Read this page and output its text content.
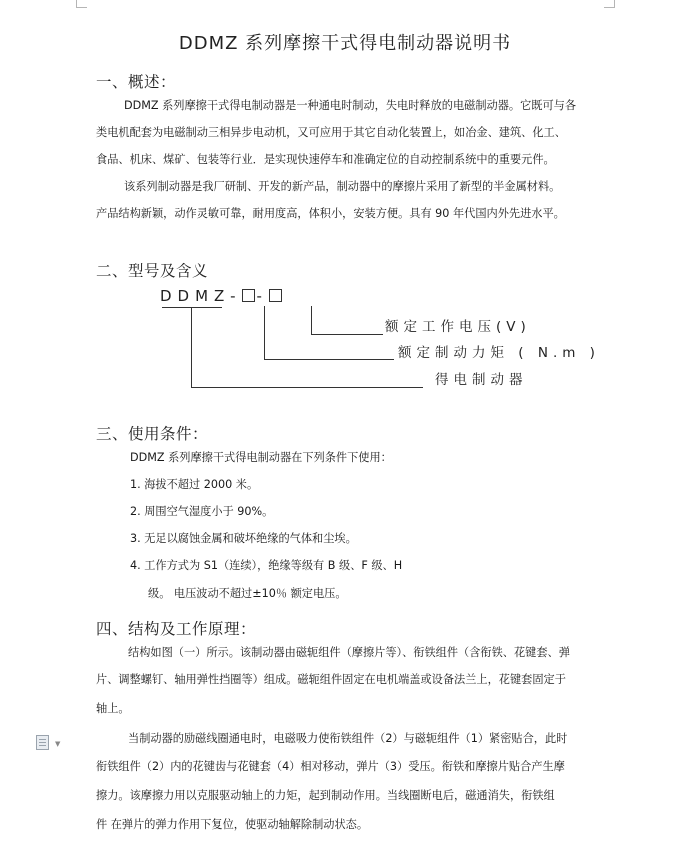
DDMZ 系列摩擦干式得电制动器说明书
一、概述：
DDMZ 系列摩擦干式得电制动器是一种通电时制动，失电时释放的电磁制动器。它既可与各
类电机配套为电磁制动三相异步电动机，又可应用于其它自动化装置上，如冶金、建筑、化工、
食品、机床、煤矿、包装等行业．是实现快速停车和准确定位的自动控制系统中的重要元件。
该系列制动器是我厂研制、开发的新产品，制动器中的摩擦片采用了新型的半金属材料。
产品结构新颖，动作灵敏可靠，耐用度高，体积小，安装方便。具有 90 年代国内外先进水平。
二、型号及含义
DDMZ- -
额定工作电压(V)
额定制动力矩 ( N.m )
得电制动器
三、使用条件：
DDMZ 系列摩擦干式得电制动器在下列条件下使用：
1. 海拔不超过 2000 米。
2. 周围空气湿度小于 90%。
3. 无足以腐蚀金属和破坏绝缘的气体和尘埃。
4. 工作方式为 S1（连续），绝缘等级有 B 级、F 级、H
级。 电压波动不超过±10％ 额定电压。
四、结构及工作原理：
结构如图（一）所示。该制动器由磁轭组件（摩擦片等）、衔铁组件（含衔铁、花键套、弹
片、调整螺钉、轴用弹性挡圈等）组成。磁轭组件固定在电机端盖或设备法兰上，花键套固定于
轴上。
当制动器的励磁线圈通电时，电磁吸力使衔铁组件（2）与磁轭组件（1）紧密贴合，此时
衔铁组件（2）内的花键齿与花键套（4）相对移动，弹片（3）受压。衔铁和摩擦片贴合产生摩
擦力。该摩擦力用以克服驱动轴上的力矩，起到制动作用。当线圈断电后，磁通消失，衔铁组
件 在弹片的弹力作用下复位，使驱动轴解除制动状态。
▼
